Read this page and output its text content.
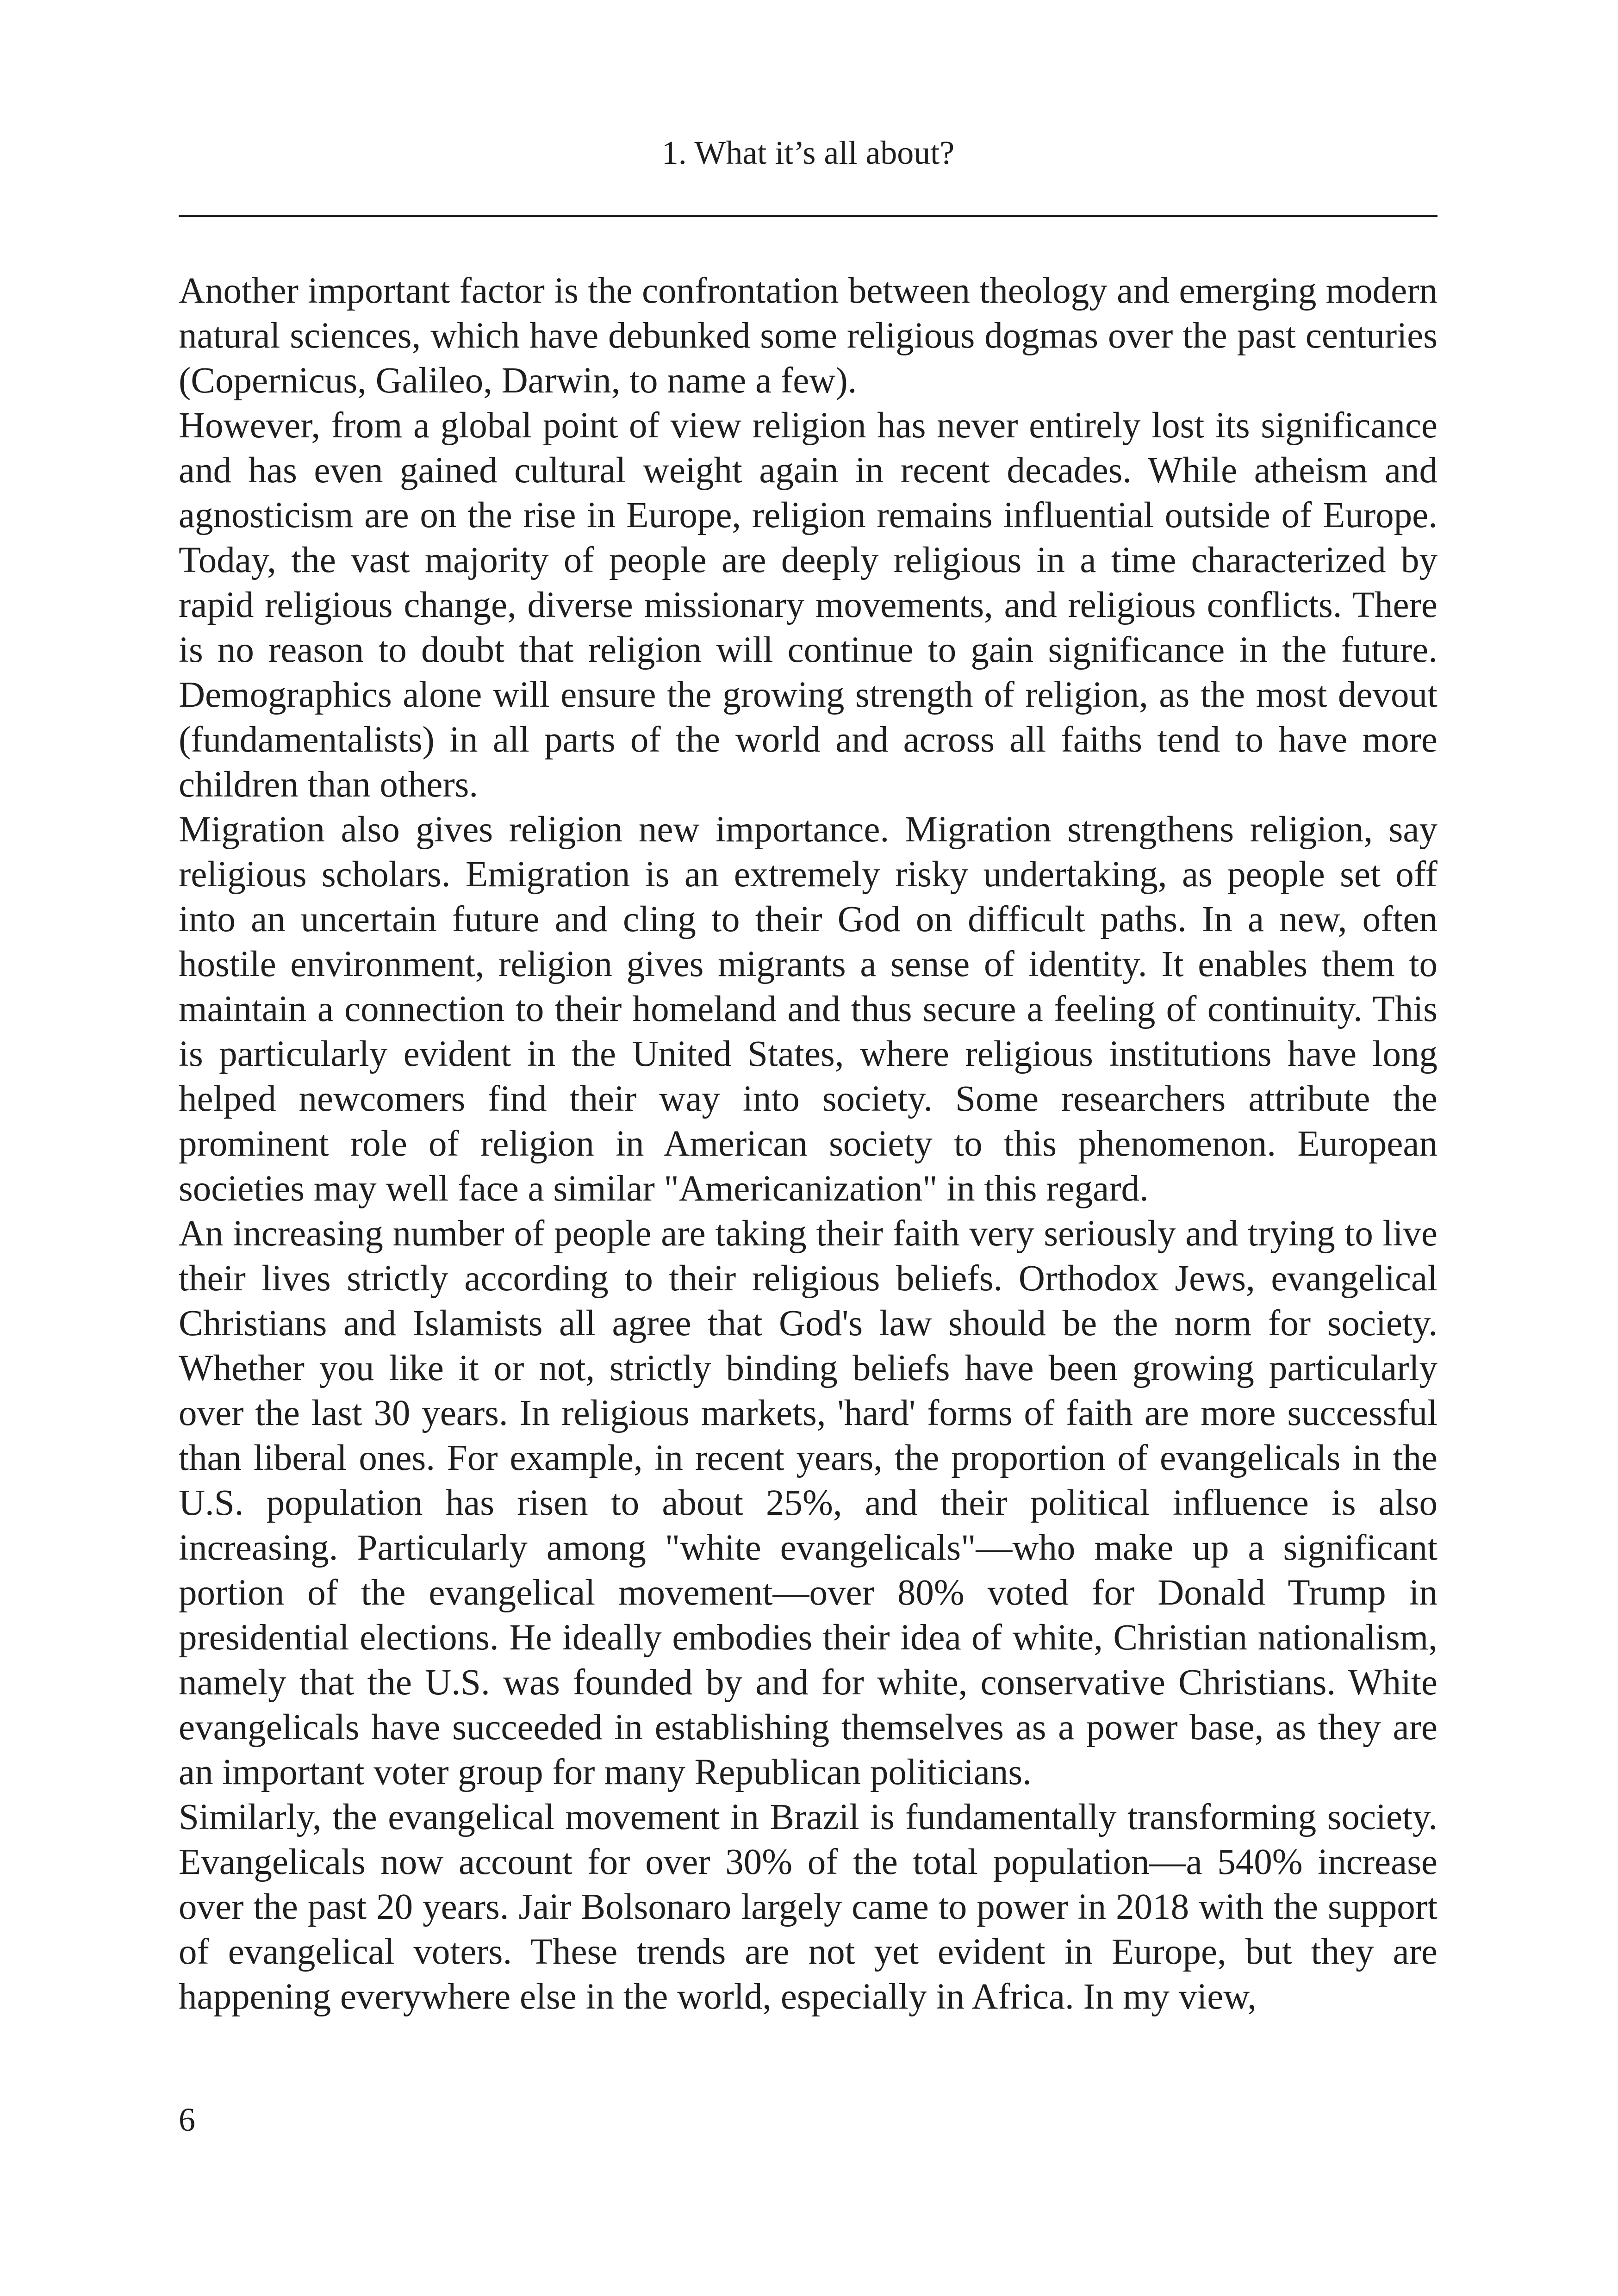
1. What it’s all about?

Another important factor is the confrontation between theology and emerging modern natural sciences, which have debunked some religious dogmas over the past centuries (Copernicus, Galileo, Darwin, to name a few).

However, from a global point of view religion has never entirely lost its significance and has even gained cultural weight again in recent decades. While atheism and agnosticism are on the rise in Europe, religion remains influential outside of Europe. Today, the vast majority of people are deeply religious in a time characterized by rapid religious change, diverse missionary movements, and religious conflicts. There is no reason to doubt that religion will continue to gain significance in the future. Demographics alone will ensure the growing strength of religion, as the most devout (fundamentalists) in all parts of the world and across all faiths tend to have more children than others.

Migration also gives religion new importance. Migration strengthens religion, say religious scholars. Emigration is an extremely risky undertaking, as people set off into an uncertain future and cling to their God on difficult paths. In a new, often hostile environment, religion gives migrants a sense of identity. It enables them to maintain a connection to their homeland and thus secure a feeling of continuity. This is particularly evident in the United States, where religious institutions have long helped newcomers find their way into society. Some researchers attribute the prominent role of religion in American society to this phenomenon. European societies may well face a similar "Americanization" in this regard.

An increasing number of people are taking their faith very seriously and trying to live their lives strictly according to their religious beliefs. Orthodox Jews, evangelical Christians and Islamists all agree that God's law should be the norm for society. Whether you like it or not, strictly binding beliefs have been growing particularly over the last 30 years. In religious markets, 'hard' forms of faith are more successful than liberal ones. For example, in recent years, the proportion of evangelicals in the U.S. population has risen to about 25%, and their political influence is also increasing. Particularly among "white evangelicals"—who make up a significant portion of the evangelical movement—over 80% voted for Donald Trump in presidential elections. He ideally embodies their idea of white, Christian nationalism, namely that the U.S. was founded by and for white, conservative Christians. White evangelicals have succeeded in establishing themselves as a power base, as they are an important voter group for many Republican politicians.

Similarly, the evangelical movement in Brazil is fundamentally transforming society. Evangelicals now account for over 30% of the total population—a 540% increase over the past 20 years. Jair Bolsonaro largely came to power in 2018 with the support of evangelical voters. These trends are not yet evident in Europe, but they are happening everywhere else in the world, especially in Africa. In my view,

6
